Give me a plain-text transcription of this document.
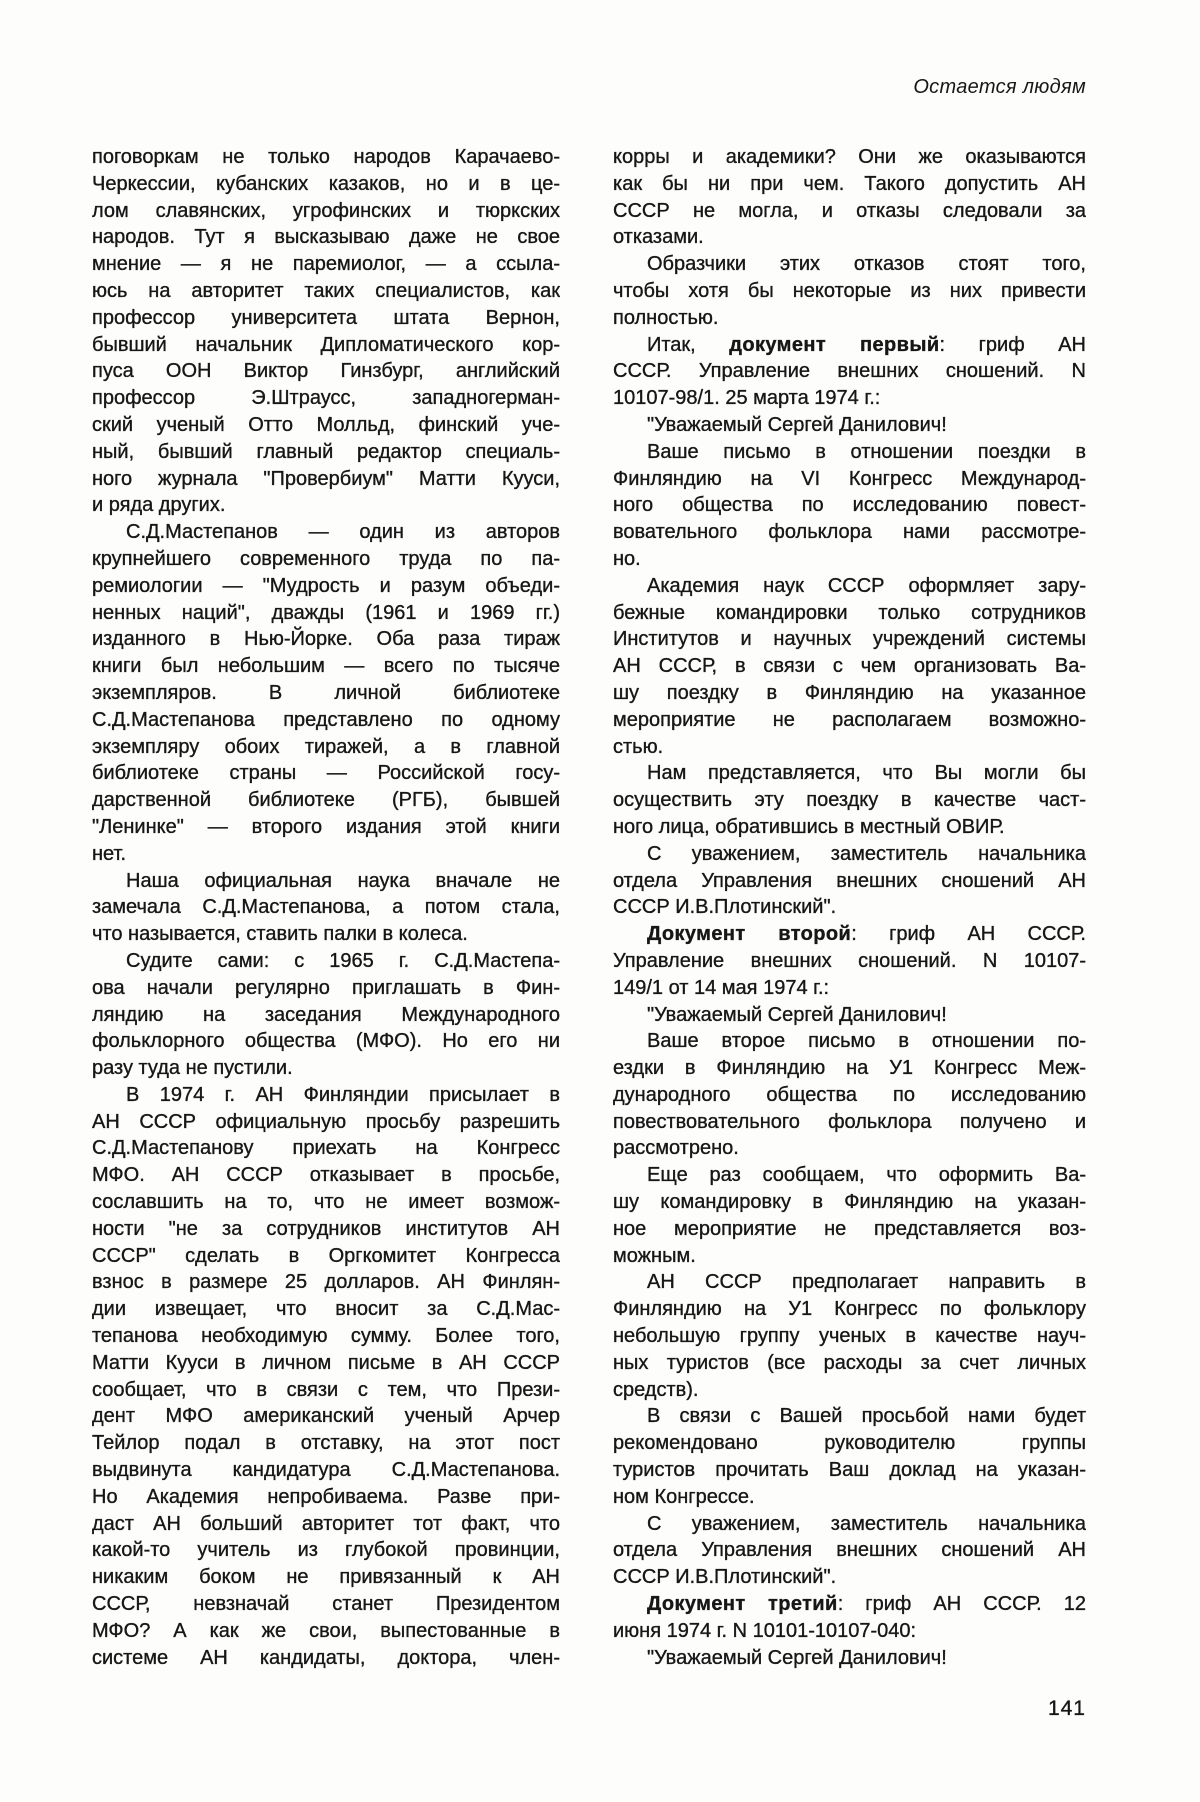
Остается людям
поговоркам не только народов Карачаево-
Черкессии, кубанских казаков, но и в це-
лом славянских, угрофинских и тюркских
народов. Тут я высказываю даже не свое
мнение — я не паремиолог, — а ссыла-
юсь на авторитет таких специалистов, как
профессор университета штата Вернон,
бывший начальник Дипломатического кор-
пуса ООН Виктор Гинзбург, английский
профессор Э.Штраусс, западногерман-
ский ученый Отто Молльд, финский уче-
ный, бывший главный редактор специаль-
ного журнала "Провербиум" Матти Кууси,
и ряда других.
С.Д.Мастепанов — один из авторов
крупнейшего современного труда по па-
ремиологии — "Мудрость и разум объеди-
ненных наций", дважды (1961 и 1969 гг.)
изданного в Нью-Йорке. Оба раза тираж
книги был небольшим — всего по тысяче
экземпляров. В личной библиотеке
С.Д.Мастепанова представлено по одному
экземпляру обоих тиражей, а в главной
библиотеке страны — Российской госу-
дарственной библиотеке (РГБ), бывшей
"Ленинке" — второго издания этой книги
нет.
Наша официальная наука вначале не
замечала С.Д.Мастепанова, а потом стала,
что называется, ставить палки в колеса.
Судите сами: с 1965 г. С.Д.Мастепа-
ова начали регулярно приглашать в Фин-
ляндию на заседания Международного
фольклорного общества (МФО). Но его ни
разу туда не пустили.
В 1974 г. АН Финляндии присылает в
АН СССР официальную просьбу разрешить
С.Д.Мастепанову приехать на Конгресс
МФО. АН СССР отказывает в просьбе,
сославшить на то, что не имеет возмож-
ности "не за сотрудников институтов АН
СССР" сделать в Оргкомитет Конгресса
взнос в размере 25 долларов. АН Финлян-
дии извещает, что вносит за С.Д.Мас-
тепанова необходимую сумму. Более того,
Матти Кууси в личном письме в АН СССР
сообщает, что в связи с тем, что Прези-
дент МФО американский ученый Арчер
Тейлор подал в отставку, на этот пост
выдвинута кандидатура С.Д.Мастепанова.
Но Академия непробиваема. Разве при-
даст АН больший авторитет тот факт, что
какой-то учитель из глубокой провинции,
никаким боком не привязанный к АН
СССР, невзначай станет Президентом
МФО? А как же свои, выпестованные в
системе АН кандидаты, доктора, член-
корры и академики? Они же оказываются
как бы ни при чем. Такого допустить АН
СССР не могла, и отказы следовали за
отказами.
Образчики этих отказов стоят того,
чтобы хотя бы некоторые из них привести
полностью.
Итак, документ первый: гриф АН
СССР. Управление внешних сношений. N
10107-98/1. 25 марта 1974 г.:
"Уважаемый Сергей Данилович!
Ваше письмо в отношении поездки в
Финляндию на VI Конгресс Международ-
ного общества по исследованию повест-
вовательного фольклора нами рассмотре-
но.
Академия наук СССР оформляет зару-
бежные командировки только сотрудников
Институтов и научных учреждений системы
АН СССР, в связи с чем организовать Ва-
шу поездку в Финляндию на указанное
мероприятие не располагаем возможно-
стью.
Нам представляется, что Вы могли бы
осуществить эту поездку в качестве част-
ного лица, обратившись в местный ОВИР.
С уважением, заместитель начальника
отдела Управления внешних сношений АН
СССР И.В.Плотинский".
Документ второй: гриф АН СССР.
Управление внешних сношений. N 10107-
149/1 от 14 мая 1974 г.:
"Уважаемый Сергей Данилович!
Ваше второе письмо в отношении по-
ездки в Финляндию на У1 Конгресс Меж-
дународного общества по исследованию
повествовательного фольклора получено и
рассмотрено.
Еще раз сообщаем, что оформить Ва-
шу командировку в Финляндию на указан-
ное мероприятие не представляется воз-
можным.
АН СССР предполагает направить в
Финляндию на У1 Конгресс по фольклору
небольшую группу ученых в качестве науч-
ных туристов (все расходы за счет личных
средств).
В связи с Вашей просьбой нами будет
рекомендовано руководителю группы
туристов прочитать Ваш доклад на указан-
ном Конгрессе.
С уважением, заместитель начальника
отдела Управления внешних сношений АН
СССР И.В.Плотинский".
Документ третий: гриф АН СССР. 12
июня 1974 г. N 10101-10107-040:
"Уважаемый Сергей Данилович!
141
